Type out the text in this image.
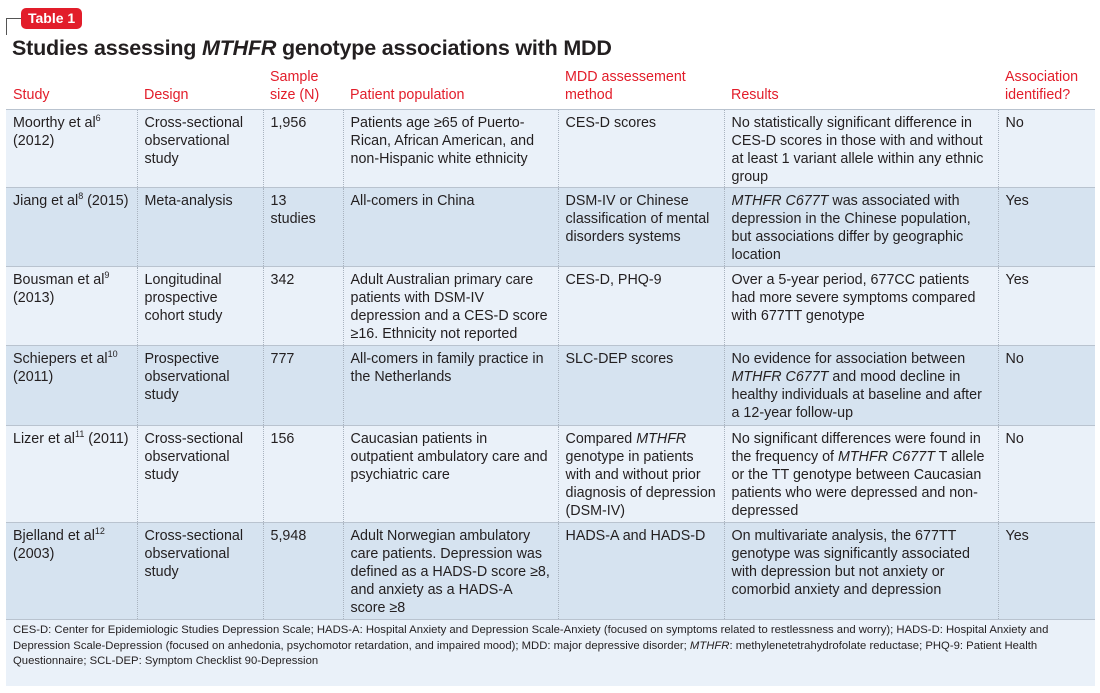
Table 1
Studies assessing MTHFR genotype associations with MDD
Study	Design	Sample size (N)	Patient population	MDD assessement method	Results	Association identified?
Moorthy et $al^6$ (2012)	Cross-sectional observational study	1,956	Patients age ≥65 of Puerto-Rican, African American, and non-Hispanic white ethnicity	CES-D scores	No statistically significant difference in CES-D scores in those with and without at least 1 variant allele within any ethnic group	No
Jiang et $al^8$ (2015)	Meta-analysis	13 studies	All-comers in China	DSM-IV or Chinese classification of mental disorders systems	MTHFR C677T was associated with depression in the Chinese population, but associations differ by geographic location	Yes
Bousman et $al^9$ (2013)	Longitudinal prospective cohort study	342	Adult Australian primary care patients with DSM-IV depression and a CES-D score ≥16. Ethnicity not reported	CES-D, PHQ-9	Over a 5-year period, 677CC patients had more severe symptoms compared with 677TT genotype	Yes
Schiepers et $al^{10}$ (2011)	Prospective observational study	777	All-comers in family practice in the Netherlands	SLC-DEP scores	No evidence for association between MTHFR C677T and mood decline in healthy individuals at baseline and after a 12-year follow-up	No
Lizer et $al^{11}$ (2011)	Cross-sectional observational study	156	Caucasian patients in outpatient ambulatory care and psychiatric care	Compared MTHFR genotype in patients with and without prior diagnosis of depression (DSM-IV)	No significant differences were found in the frequency of MTHFR C677T T allele or the TT genotype between Caucasian patients who were depressed and non-depressed	No
Bjelland et $al^{12}$ (2003)	Cross-sectional observational study	5,948	Adult Norwegian ambulatory care patients. Depression was defined as a HADS-D score ≥8, and anxiety as a HADS-A score ≥8	HADS-A and HADS-D	On multivariate analysis, the 677TT genotype was significantly associated with depression but not anxiety or comorbid anxiety and depression	Yes
CES-D: Center for Epidemiologic Studies Depression Scale; HADS-A: Hospital Anxiety and Depression Scale-Anxiety (focused on symptoms related to restlessness and worry); HADS-D: Hospital Anxiety and Depression Scale-Depression (focused on anhedonia, psychomotor retardation, and impaired mood); MDD: major depressive disorder; MTHFR: methylenetetrahydrofolate reductase; PHQ-9: Patient Health Questionnaire; SCL-DEP: Symptom Checklist 90-Depression
